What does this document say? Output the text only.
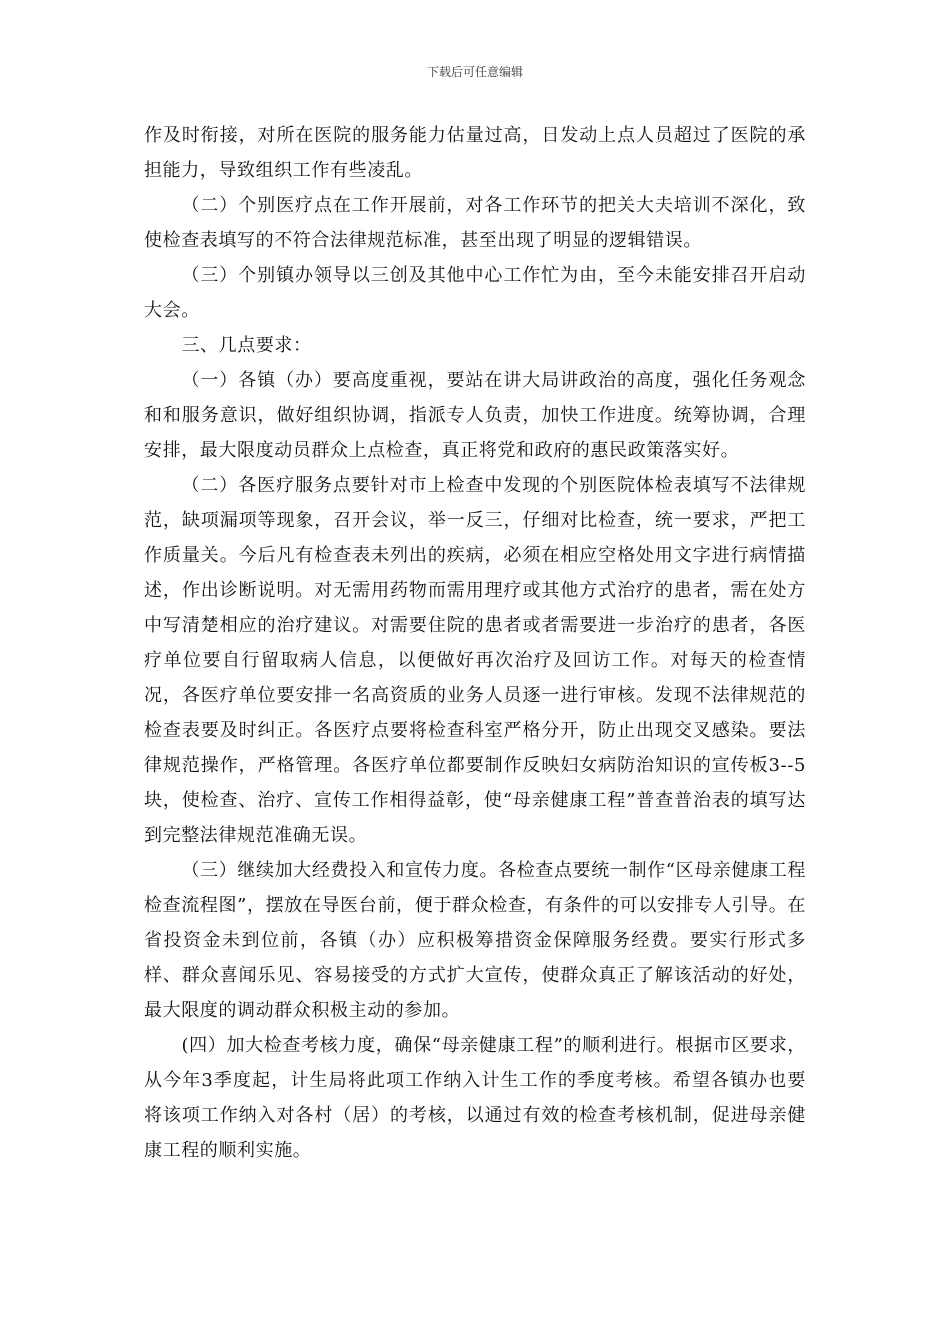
下载后可任意编辑

作及时衔接，对所在医院的服务能力估量过高，日发动上点人员超过了医院的承担能力，导致组织工作有些凌乱。

（二）个别医疗点在工作开展前，对各工作环节的把关大夫培训不深化，致使检查表填写的不符合法律规范标准，甚至出现了明显的逻辑错误。

（三）个别镇办领导以三创及其他中心工作忙为由，至今未能安排召开启动大会。

三、几点要求：

（一）各镇（办）要高度重视，要站在讲大局讲政治的高度，强化任务观念和和服务意识，做好组织协调，指派专人负责，加快工作进度。统筹协调，合理安排，最大限度动员群众上点检查，真正将党和政府的惠民政策落实好。

（二）各医疗服务点要针对市上检查中发现的个别医院体检表填写不法律规范，缺项漏项等现象，召开会议，举一反三，仔细对比检查，统一要求，严把工作质量关。今后凡有检查表未列出的疾病，必须在相应空格处用文字进行病情描述，作出诊断说明。对无需用药物而需用理疗或其他方式治疗的患者，需在处方中写清楚相应的治疗建议。对需要住院的患者或者需要进一步治疗的患者，各医疗单位要自行留取病人信息，以便做好再次治疗及回访工作。对每天的检查情况，各医疗单位要安排一名高资质的业务人员逐一进行审核。发现不法律规范的检查表要及时纠正。各医疗点要将检查科室严格分开，防止出现交叉感染。要法律规范操作，严格管理。各医疗单位都要制作反映妇女病防治知识的宣传板3--5块，使检查、治疗、宣传工作相得益彰，使“母亲健康工程”普查普治表的填写达到完整法律规范准确无误。

（三）继续加大经费投入和宣传力度。各检查点要统一制作“区母亲健康工程检查流程图”，摆放在导医台前，便于群众检查，有条件的可以安排专人引导。在省投资金未到位前，各镇（办）应积极筹措资金保障服务经费。要实行形式多样、群众喜闻乐见、容易接受的方式扩大宣传，使群众真正了解该活动的好处，最大限度的调动群众积极主动的参加。

(四）加大检查考核力度，确保“母亲健康工程”的顺利进行。根据市区要求，从今年3季度起，计生局将此项工作纳入计生工作的季度考核。希望各镇办也要将该项工作纳入对各村（居）的考核，以通过有效的检查考核机制，促进母亲健康工程的顺利实施。
